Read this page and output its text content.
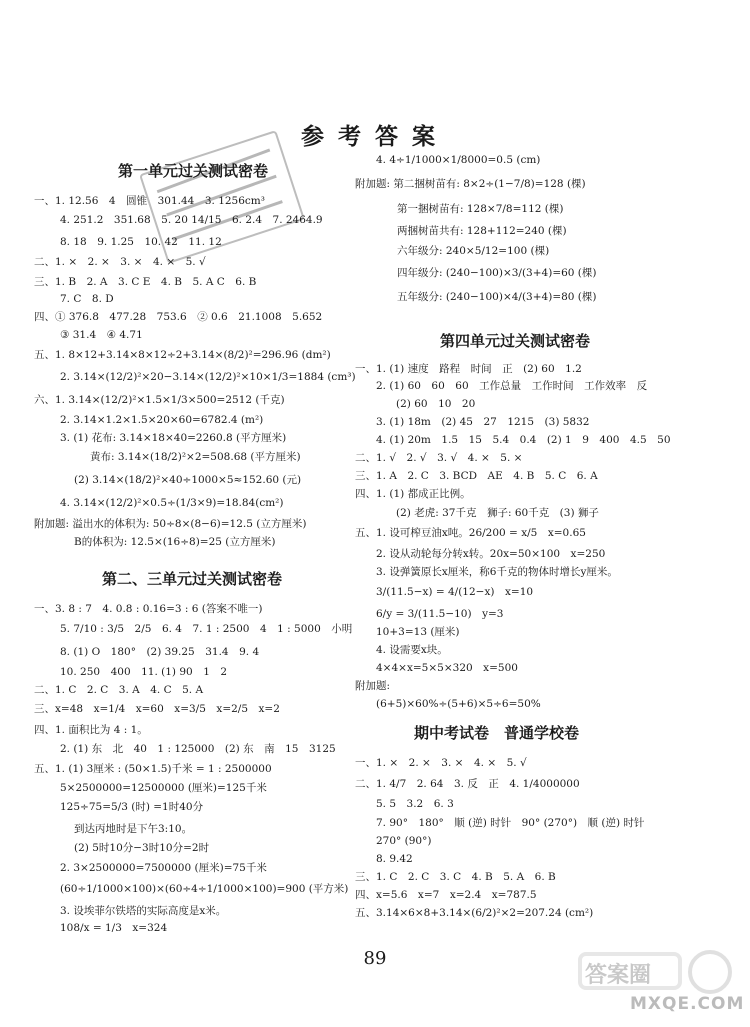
参考答案
第一单元过关测试密卷
一、1. 12.56　4　圆锥　301.44　3. 1256cm³
4. 251.2　351.68　5. 20 14/15　6. 2.4　7. 2464.9
8. 18　9. 1.25　10. 42　11. 12
二、1. ×　2. ×　3. ×　4. ×　5. √
三、1. B　2. A　3. C E　4. B　5. A C　6. B
7. C　8. D
四、① 376.8　477.28　753.6　② 0.6　21.1008　5.652
③ 31.4　④ 4.71
五、1. 8×12+3.14×8×12÷2+3.14×(8/2)²=296.96 (dm²)
2. 3.14×(12/2)²×20−3.14×(12/2)²×10×1/3=1884 (cm³)
六、1. 3.14×(12/2)²×1.5×1/3×500=2512 (千克)
2. 3.14×1.2×1.5×20×60=6782.4 (m²)
3. (1) 花布: 3.14×18×40=2260.8 (平方厘米)
黄布: 3.14×(18/2)²×2=508.68 (平方厘米)
(2) 3.14×(18/2)²×40÷1000×5≈152.60 (元)
4. 3.14×(12/2)²×0.5÷(1/3×9)=18.84(cm²)
附加题: 溢出水的体积为: 50÷8×(8−6)=12.5 (立方厘米)
B的体积为: 12.5×(16÷8)=25 (立方厘米)
第二、三单元过关测试密卷
一、3. 8 : 7　4. 0.8 : 0.16=3 : 6 (答案不唯一)
5. 7/10 : 3/5　2/5　6. 4　7. 1 : 2500　4　1 : 5000　小明
8. (1) O　180°　(2) 39.25　31.4　9. 4
10. 250　400　11. (1) 90　1　2
二、1. C　2. C　3. A　4. C　5. A
三、x=48　x=1/4　x=60　x=3/5　x=2/5　x=2
四、1. 面积比为 4 : 1。
2. (1) 东　北　40　1 : 125000　(2) 东　南　15　3125
五、1. (1) 3厘米 : (50×1.5)千米 = 1 : 2500000
5×2500000=12500000 (厘米)=125千米
125÷75=5/3 (时) =1时40分
到达丙地时是下午3:10。
(2) 5时10分−3时10分=2时
2. 3×2500000=7500000 (厘米)=75千米
(60÷1/1000×100)×(60÷4÷1/1000×100)=900 (平方米)
3. 设埃菲尔铁塔的实际高度是x米。
108/x = 1/3　x=324
4. 4÷1/1000×1/8000=0.5 (cm)
附加题: 第二捆树苗有: 8×2÷(1−7/8)=128 (棵)
第一捆树苗有: 128×7/8=112 (棵)
两捆树苗共有: 128+112=240 (棵)
六年级分: 240×5/12=100 (棵)
四年级分: (240−100)×3/(3+4)=60 (棵)
五年级分: (240−100)×4/(3+4)=80 (棵)
第四单元过关测试密卷
一、1. (1) 速度　路程　时间　正　(2) 60　1.2
2. (1) 60　60　60　工作总量　工作时间　工作效率　反
(2) 60　10　20
3. (1) 18m　(2) 45　27　1215　(3) 5832
4. (1) 20m　1.5　15　5.4　0.4　(2) 1　9　400　4.5　50
二、1. √　2. √　3. √　4. ×　5. ×
三、1. A　2. C　3. BCD　AE　4. B　5. C　6. A
四、1. (1) 都成正比例。
(2) 老虎: 37千克　狮子: 60千克　(3) 狮子
五、1. 设可榨豆油x吨。26/200 = x/5　x=0.65
2. 设从动轮每分转x转。20x=50×100　x=250
3. 设弹簧原长x厘米，称6千克的物体时增长y厘米。
3/(11.5−x) = 4/(12−x)　x=10
6/y = 3/(11.5−10)　y=3
10+3=13 (厘米)
4. 设需要x块。
4×4×x=5×5×320　x=500
附加题:
(6+5)×60%÷(5+6)×5÷6=50%
期中考试卷　普通学校卷
一、1. ×　2. ×　3. ×　4. ×　5. √
二、1. 4/7　2. 64　3. 反　正　4. 1/4000000
5. 5　3.2　6. 3
7. 90°　180°　顺 (逆) 时针　90° (270°)　顺 (逆) 时针
270° (90°)
8. 9.42
三、1. C　2. C　3. C　4. B　5. A　6. B
四、x=5.6　x=7　x=2.4　x=787.5
五、3.14×6×8+3.14×(6/2)²×2=207.24 (cm²)
89
MXQE.COM
答案圈
